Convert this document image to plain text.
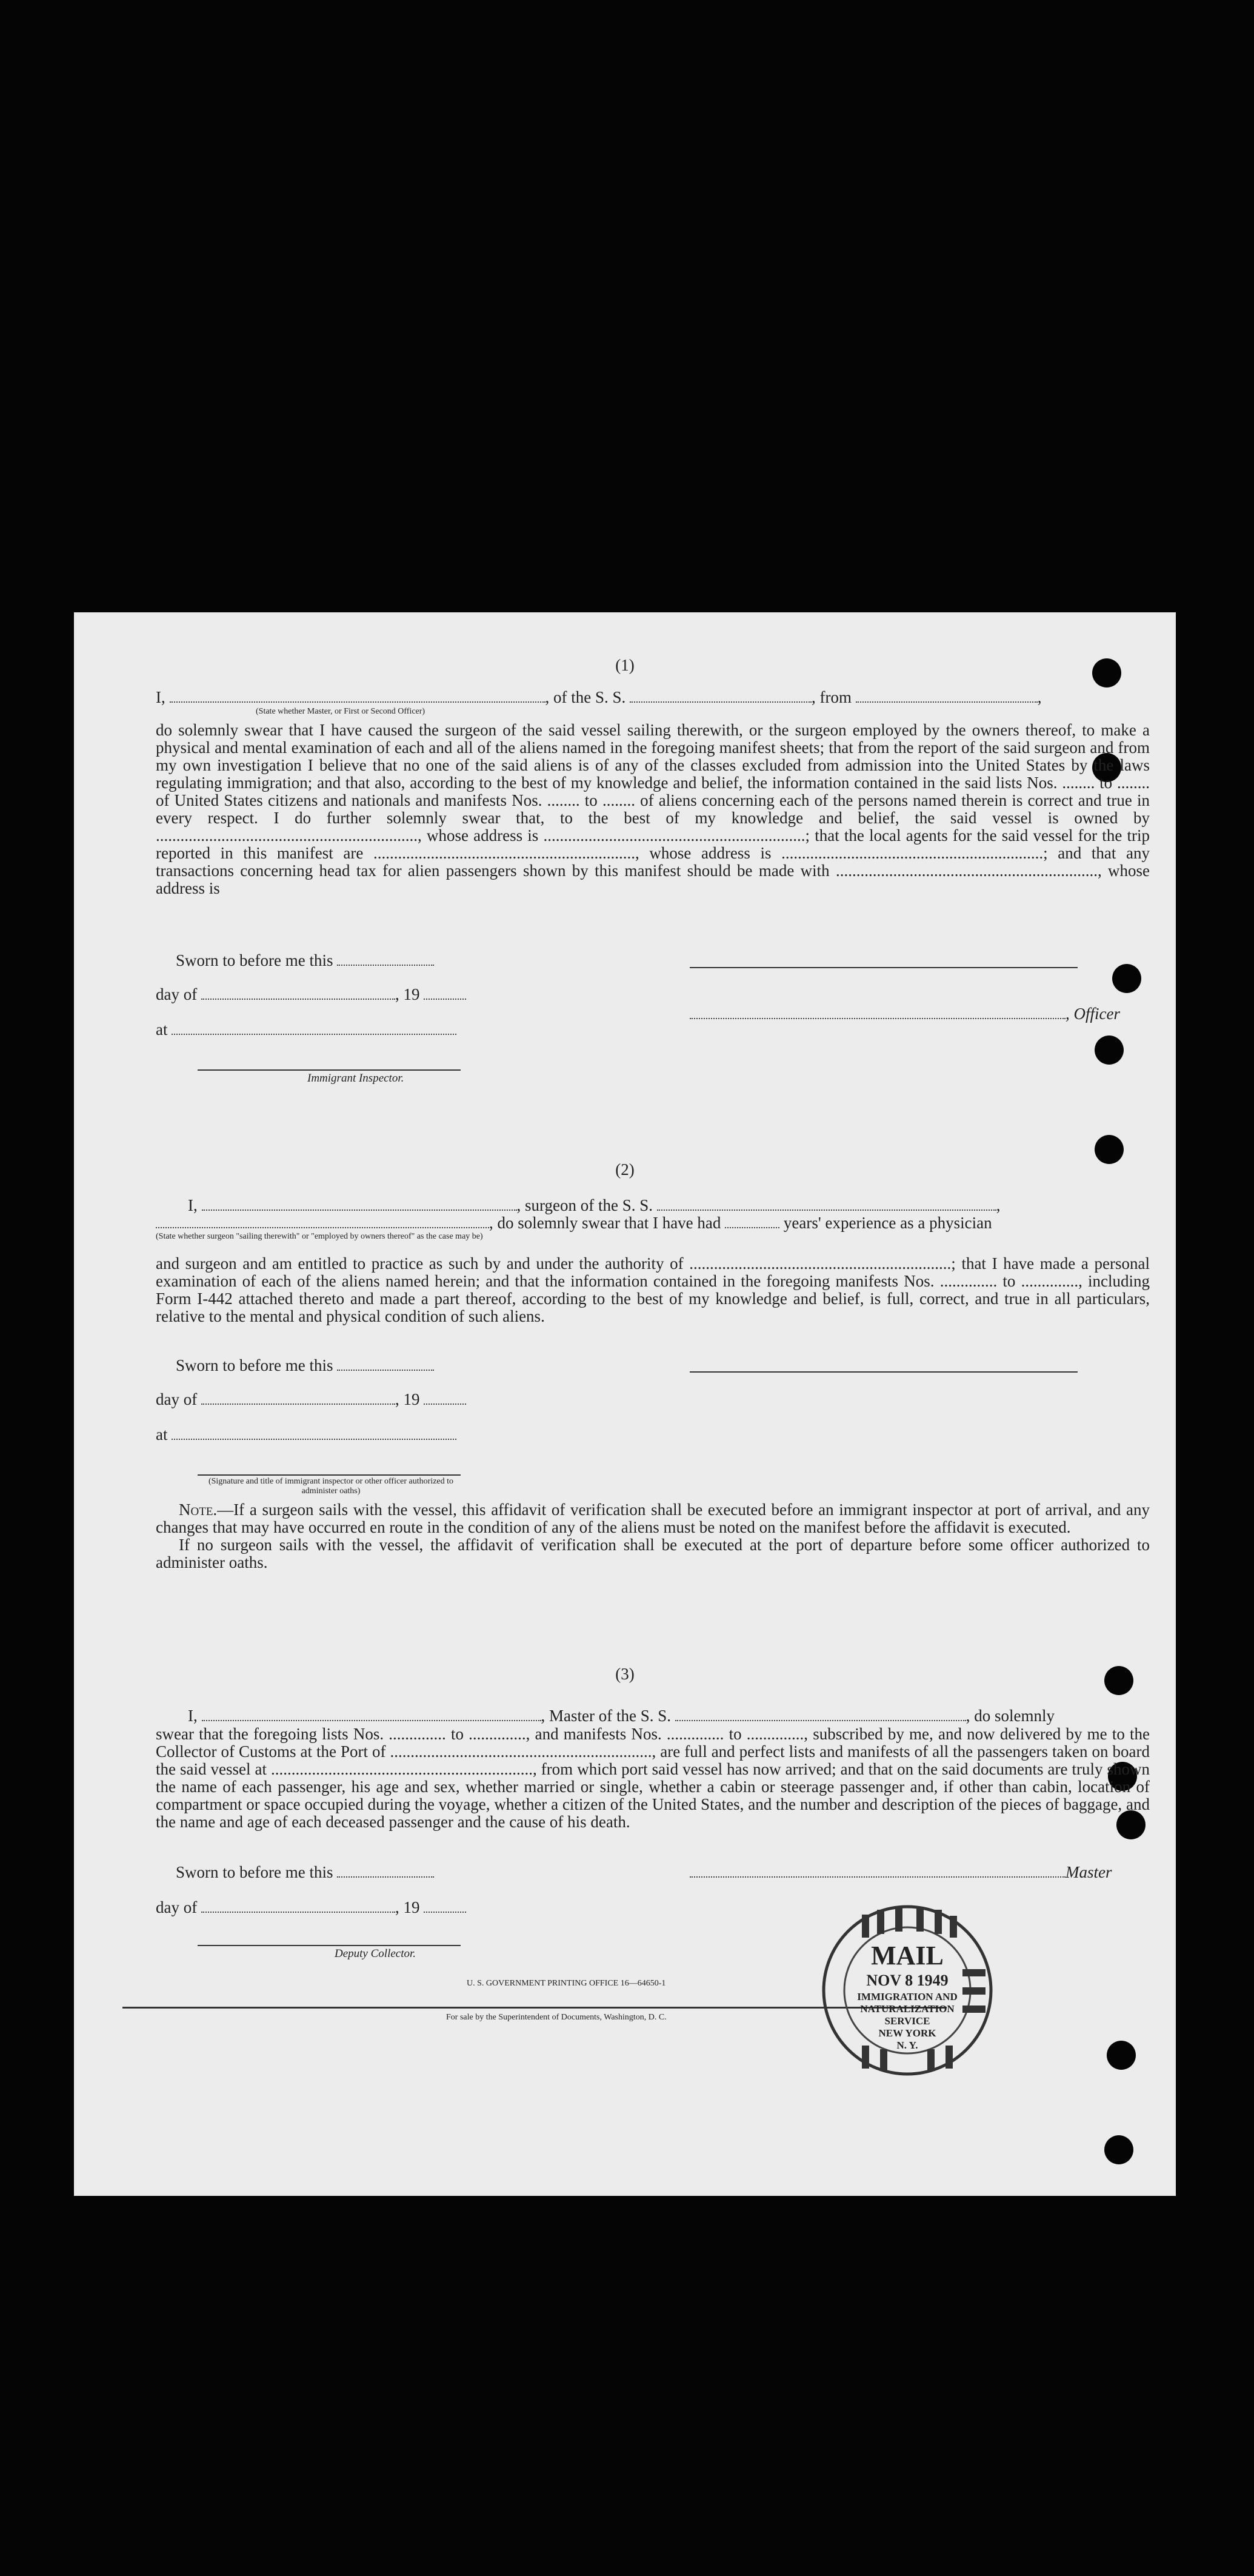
(1)
I,	, of the S. S.	, from	,
(State whether Master, or First or Second Officer)
do solemnly swear that I have caused the surgeon of the said vessel sailing therewith, or the surgeon employed by the owners thereof, to make a physical and mental examination of each and all of the aliens named in the foregoing manifest sheets; that from the report of the said surgeon and from my own investigation I believe that no one of the said aliens is of any of the classes excluded from admission into the United States by the laws regulating immigration; and that also, according to the best of my knowledge and belief, the information contained in the said lists Nos. ........ to ........ of United States citizens and nationals and manifests Nos. ........ to ........ of aliens concerning each of the persons named therein is correct and true in every respect. I do further solemnly swear that, to the best of my knowledge and belief, the said vessel is owned by ................................................................, whose address is ................................................................; that the local agents for the said vessel for the trip reported in this manifest are ................................................................, whose address is ................................................................; and that any transactions concerning head tax for alien passengers shown by this manifest should be made with ................................................................, whose address is
Sworn to before me this
day of	, 19
, Officer
at
Immigrant Inspector.
(2)
I,	, surgeon of the S. S.	,
, do solemnly swear that I have had	years' experience as a physician
(State whether surgeon "sailing therewith" or "employed by owners thereof" as the case may be)
and surgeon and am entitled to practice as such by and under the authority of ................................................................; that I have made a personal examination of each of the aliens named herein; and that the information contained in the foregoing manifests Nos. .............. to .............., including Form I-442 attached thereto and made a part thereof, according to the best of my knowledge and belief, is full, correct, and true in all particulars, relative to the mental and physical condition of such aliens.
Sworn to before me this
day of	, 19
at
(Signature and title of immigrant inspector or other officer authorized to administer oaths)

Note.—If a surgeon sails with the vessel, this affidavit of verification shall be executed before an immigrant inspector at port of arrival, and any changes that may have occurred en route in the condition of any of the aliens must be noted on the manifest before the affidavit is executed.

If no surgeon sails with the vessel, the affidavit of verification shall be executed at the port of departure before some officer authorized to administer oaths.

(3)
I,	, Master of the S. S.	, do solemnly
swear that the foregoing lists Nos. .............. to .............., and manifests Nos. .............. to .............., subscribed by me, and now delivered by me to the Collector of Customs at the Port of ................................................................, are full and perfect lists and manifests of all the passengers taken on board the said vessel at ................................................................, from which port said vessel has now arrived; and that on the said documents are truly shown the name of each passenger, his age and sex, whether married or single, whether a cabin or steerage passenger and, if other than cabin, location of compartment or space occupied during the voyage, whether a citizen of the United States, and the number and description of the pieces of baggage, and the name and age of each deceased passenger and the cause of his death.
Sworn to before me this	Master
day of	, 19
Deputy Collector.
U. S. GOVERNMENT PRINTING OFFICE 16—64650-1
For sale by the Superintendent of Documents, Washington, D. C.
MAIL
NOV 8 1949
IMMIGRATION AND
NATURALIZATION
SERVICE
NEW YORK
N. Y.
